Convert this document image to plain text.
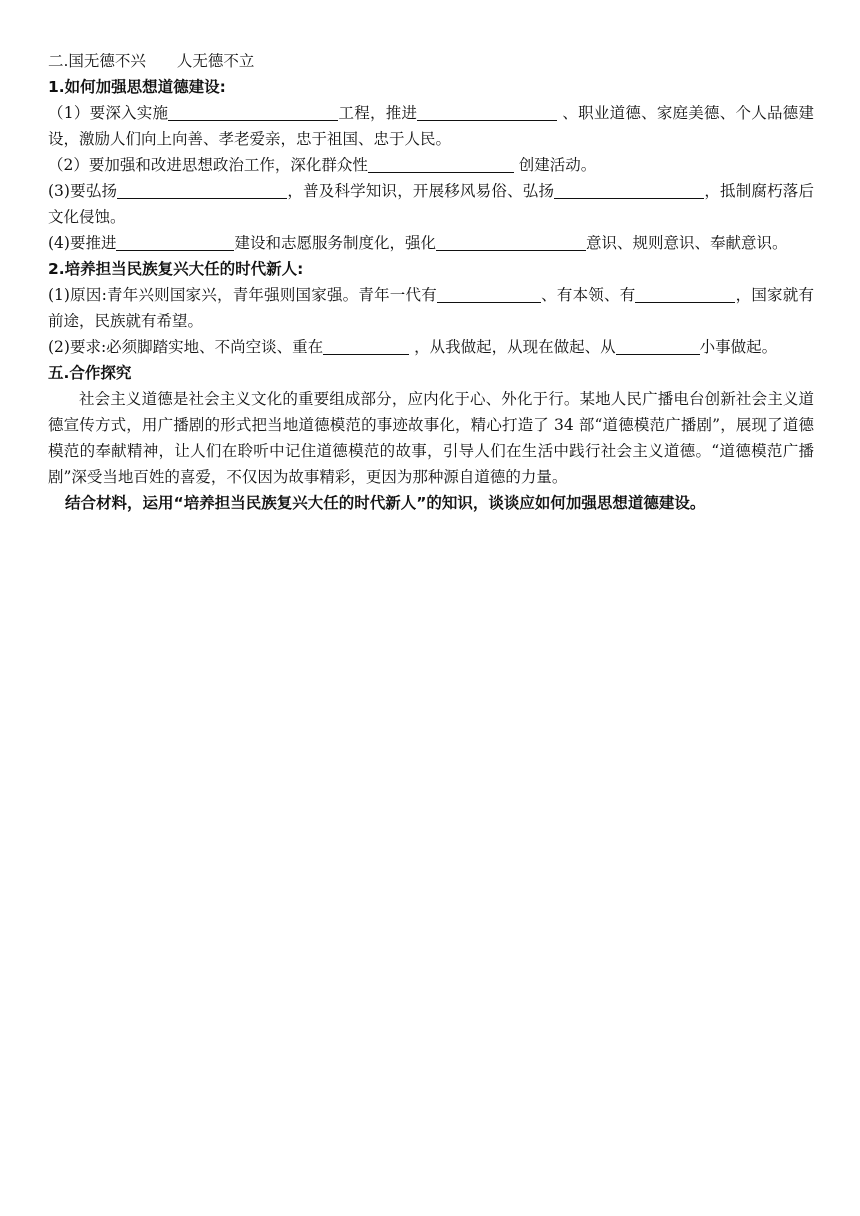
二.国无德不兴　　人无德不立
1.如何加强思想道德建设:
（1）要深入实施	工程，推进	、职业道德、家庭美德、个人品德建设，激励人们向上向善、孝老爱亲，忠于祖国、忠于人民。
（2）要加强和改进思想政治工作，深化群众性	创建活动。
(3)要弘扬	，普及科学知识，开展移风易俗、弘扬	，抵制腐朽落后文化侵蚀。
(4)要推进	建设和志愿服务制度化，强化	意识、规则意识、奉献意识。
2.培养担当民族复兴大任的时代新人:
(1)原因:青年兴则国家兴，青年强则国家强。青年一代有	、有本领、有	，国家就有前途，民族就有希望。
(2)要求:必须脚踏实地、不尚空谈、重在	，从我做起，从现在做起、从	小事做起。
五.合作探究
社会主义道德是社会主义文化的重要组成部分，应内化于心、外化于行。某地人民广播电台创新社会主义道德宣传方式，用广播剧的形式把当地道德模范的事迹故事化，精心打造了 34 部“道德模范广播剧”，展现了道德模范的奉献精神，让人们在聆听中记住道德模范的故事，引导人们在生活中践行社会主义道德。“道德模范广播剧”深受当地百姓的喜爱，不仅因为故事精彩，更因为那种源自道德的力量。
结合材料，运用“培养担当民族复兴大任的时代新人”的知识，谈谈应如何加强思想道德建设。
